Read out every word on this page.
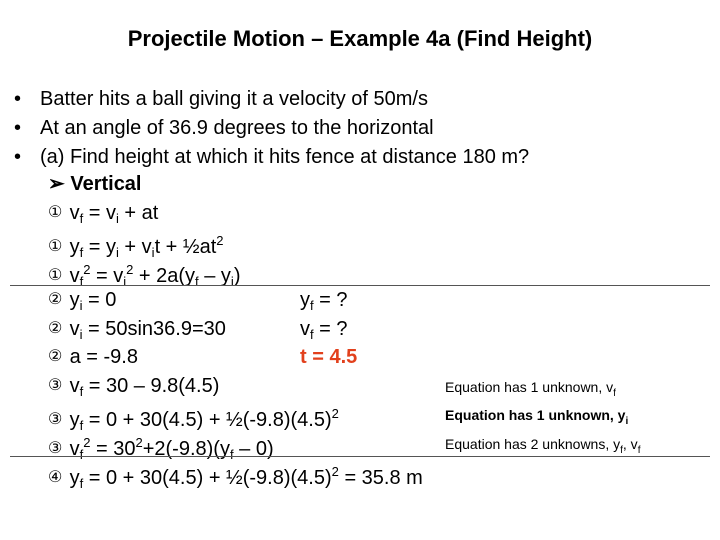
Projectile Motion – Example 4a (Find Height)
• Batter hits a ball giving it a velocity of 50m/s
• At an angle of 36.9 degrees to the horizontal
• (a) Find height at which it hits fence at distance 180 m?
➢ Vertical
① $v_f = v_i$ + at
① $y_f = y_i + v_it$ + $\frac{1}{2}at^2$
① $v_f^2 = v_i^2 + 2a(y_f - y_i)$
② $y_i = 0$	$y_f$ = ?
② $v_i = 50\sin 36.9=30$	$v_f$ = ?
② a = -9.8	t = 4.5
③ $v_f = 30 - 9.8(4.5)$	Equation has 1 unknown, $v_f$
③ $y_f = 0 + 30(4.5)$ + $\frac{1}{2}(-9.8)(4.5)^2$	Equation has 1 unknown, $y_i$
③ $v_f^2 = 30^2+2(-9.8)(y_f - 0)$	Equation has 2 unknowns, $y_f$, $v_f$
④ $y_f = 0 + 30(4.5)$ + $\frac{1}{2}(-9.8)(4.5)^2 = 35.8$ m
